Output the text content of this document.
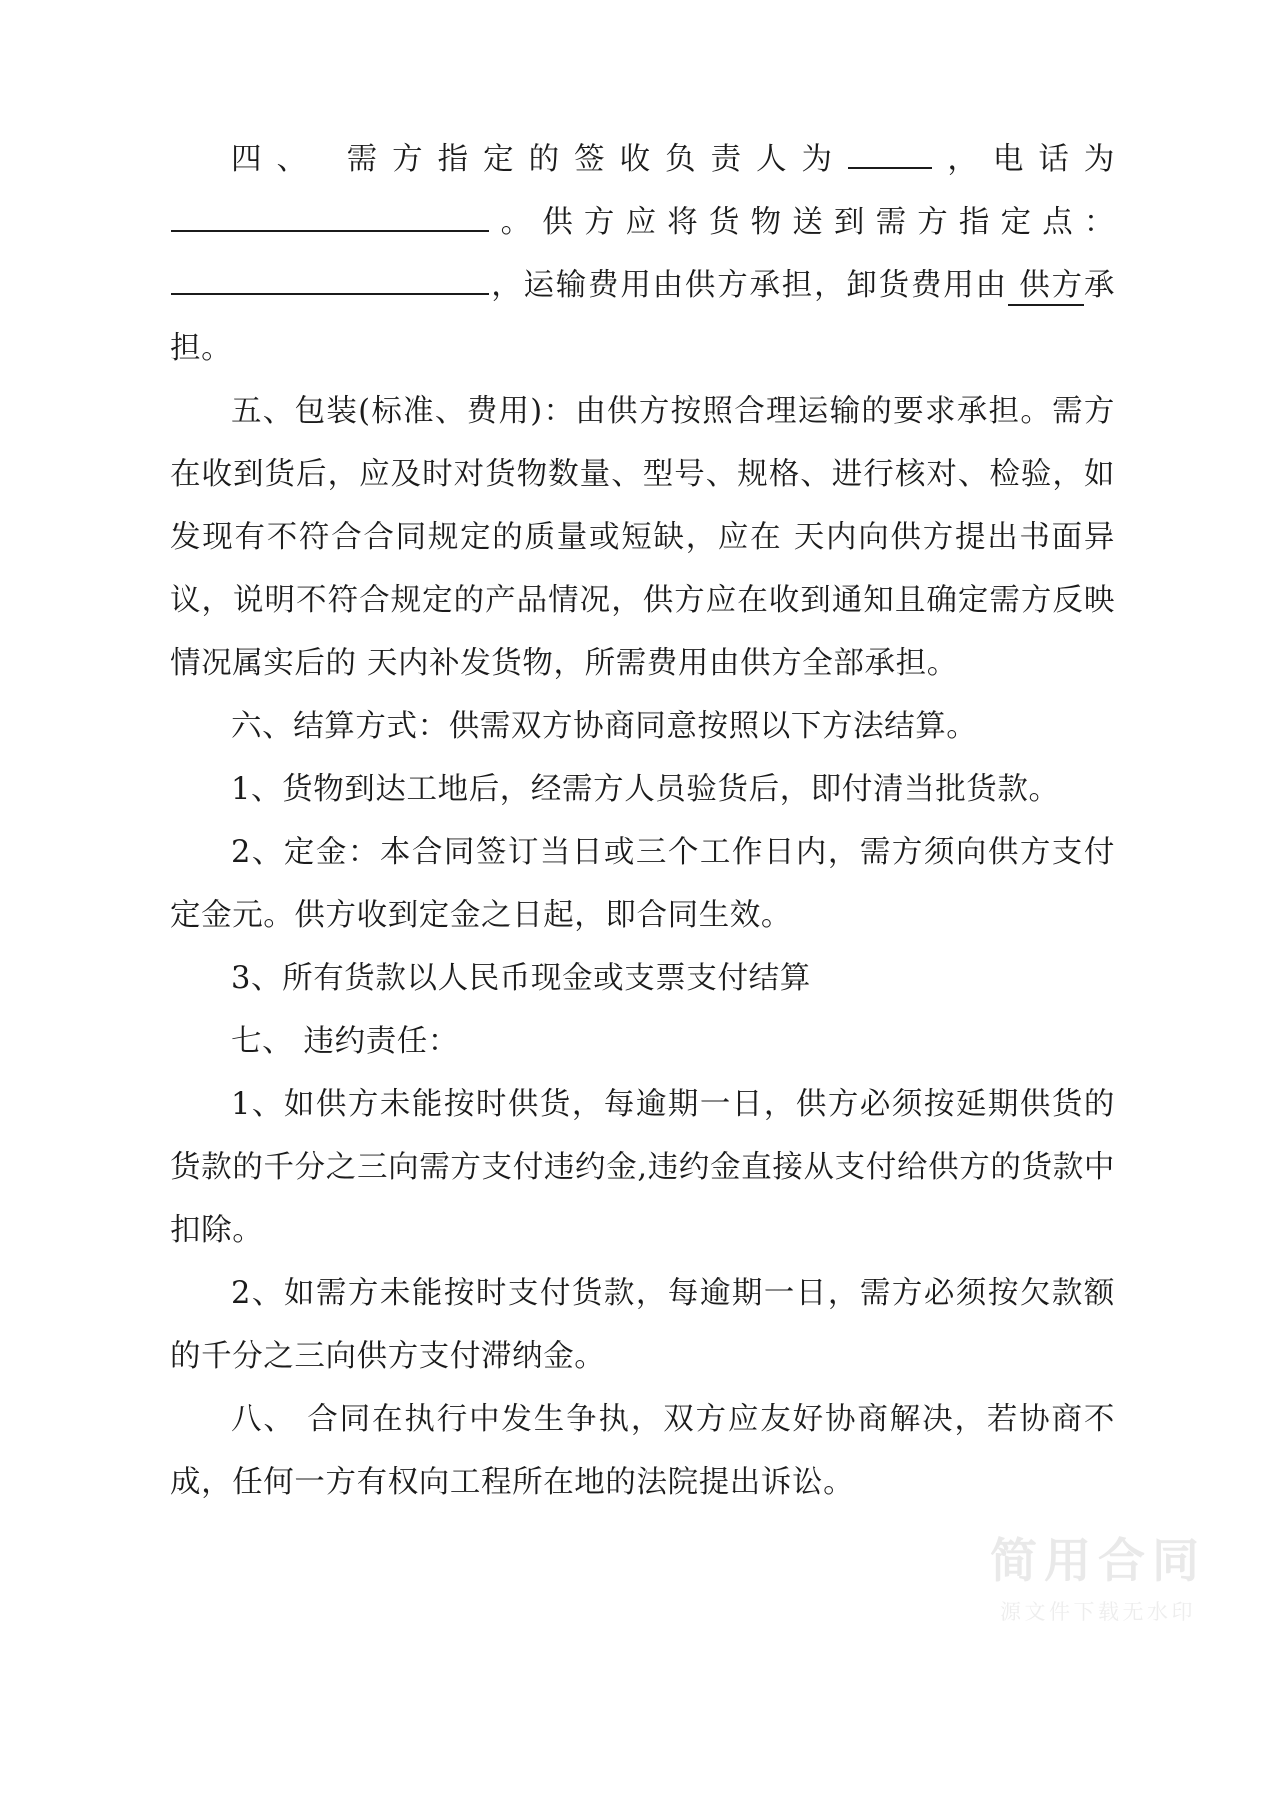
四、 需方指定的签收负责人为	，电话为。供方应将货物送到需方指定点：，运输费用由供方承担，卸货费用由 供方承担。

五、包装(标准、费用)：由供方按照合理运输的要求承担。需方在收到货后，应及时对货物数量、型号、规格、进行核对、检验，如发现有不符合合同规定的质量或短缺，应在 天内向供方提出书面异议，说明不符合规定的产品情况，供方应在收到通知且确定需方反映情况属实后的 天内补发货物，所需费用由供方全部承担。

六、结算方式：供需双方协商同意按照以下方法结算。

1、货物到达工地后，经需方人员验货后，即付清当批货款。

2、定金：本合同签订当日或三个工作日内，需方须向供方支付定金元。供方收到定金之日起，即合同生效。

3、所有货款以人民币现金或支票支付结算

七、 违约责任：

1、如供方未能按时供货，每逾期一日，供方必须按延期供货的货款的千分之三向需方支付违约金,违约金直接从支付给供方的货款中扣除。

2、如需方未能按时支付货款，每逾期一日，需方必须按欠款额的千分之三向供方支付滞纳金。

八、 合同在执行中发生争执，双方应友好协商解决，若协商不成，任何一方有权向工程所在地的法院提出诉讼。

简用合同
源文件下载无水印
